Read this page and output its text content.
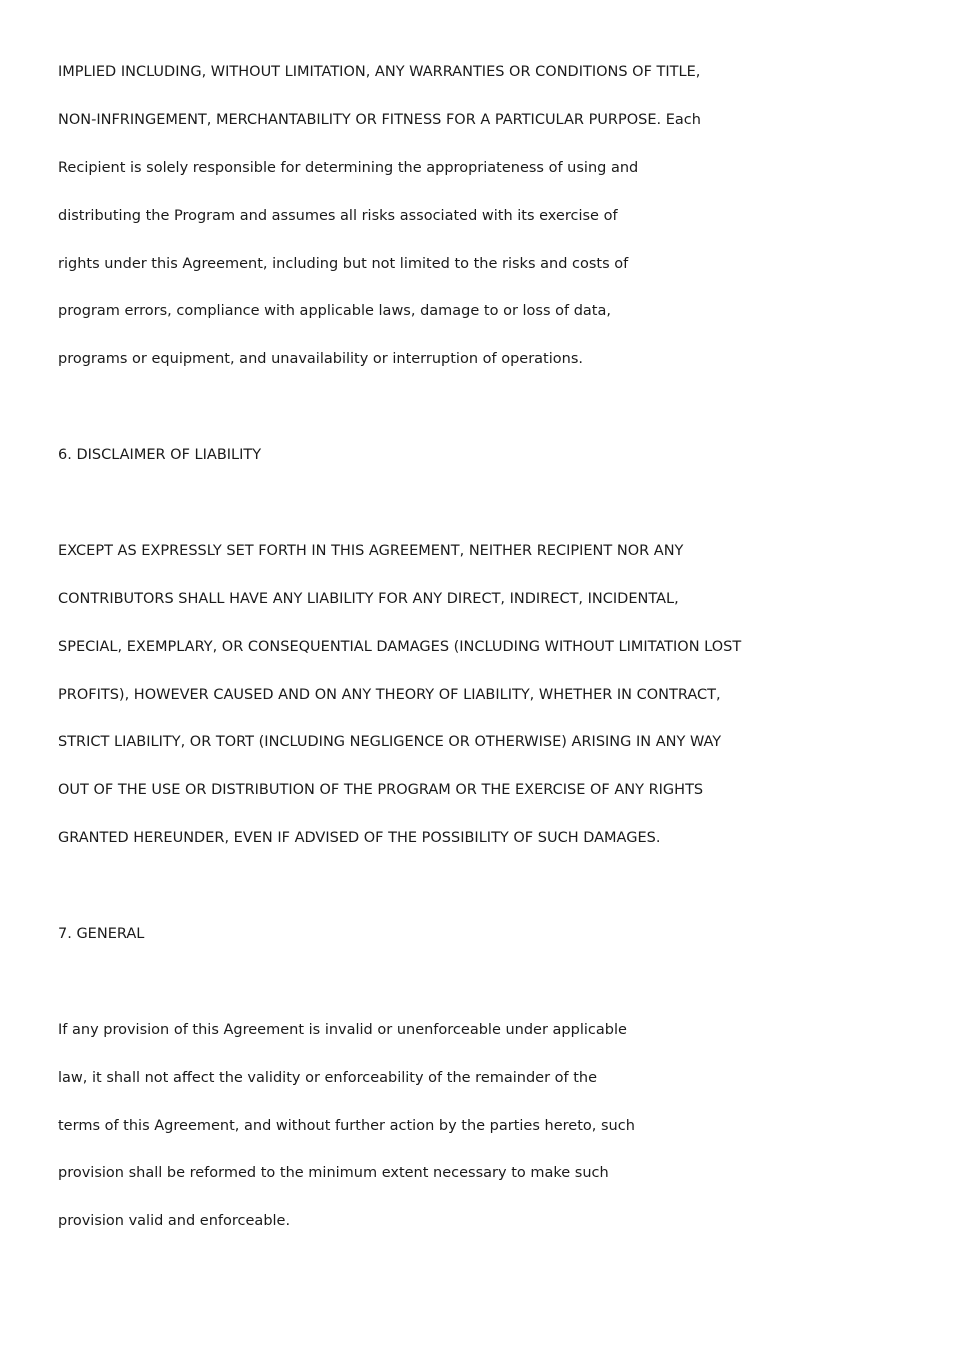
IMPLIED INCLUDING, WITHOUT LIMITATION, ANY WARRANTIES OR CONDITIONS OF TITLE,
NON-INFRINGEMENT, MERCHANTABILITY OR FITNESS FOR A PARTICULAR PURPOSE. Each
Recipient is solely responsible for determining the appropriateness of using and
distributing the Program and assumes all risks associated with its exercise of
rights under this Agreement, including but not limited to the risks and costs of
program errors, compliance with applicable laws, damage to or loss of data,
programs or equipment, and unavailability or interruption of operations.
6. DISCLAIMER OF LIABILITY
EXCEPT AS EXPRESSLY SET FORTH IN THIS AGREEMENT, NEITHER RECIPIENT NOR ANY
CONTRIBUTORS SHALL HAVE ANY LIABILITY FOR ANY DIRECT, INDIRECT, INCIDENTAL,
SPECIAL, EXEMPLARY, OR CONSEQUENTIAL DAMAGES (INCLUDING WITHOUT LIMITATION LOST
PROFITS), HOWEVER CAUSED AND ON ANY THEORY OF LIABILITY, WHETHER IN CONTRACT,
STRICT LIABILITY, OR TORT (INCLUDING NEGLIGENCE OR OTHERWISE) ARISING IN ANY WAY
OUT OF THE USE OR DISTRIBUTION OF THE PROGRAM OR THE EXERCISE OF ANY RIGHTS
GRANTED HEREUNDER, EVEN IF ADVISED OF THE POSSIBILITY OF SUCH DAMAGES.
7. GENERAL
If any provision of this Agreement is invalid or unenforceable under applicable
law, it shall not affect the validity or enforceability of the remainder of the
terms of this Agreement, and without further action by the parties hereto, such
provision shall be reformed to the minimum extent necessary to make such
provision valid and enforceable.
